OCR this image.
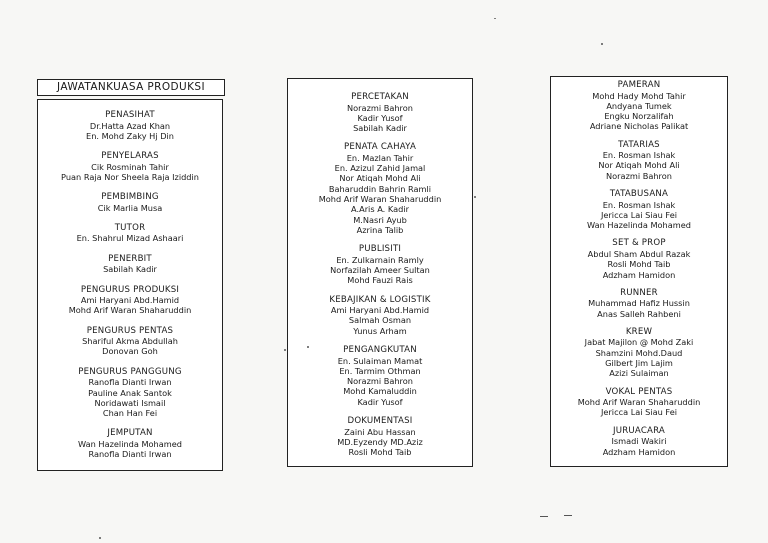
JAWATANKUASA PRODUKSI
PENASIHAT
Dr.Hatta Azad Khan
En. Mohd Zaky Hj Din
PENYELARAS
Cik Rosminah Tahir
Puan Raja Nor Sheela Raja Iziddin
PEMBIMBING
Cik Marlia Musa
TUTOR
En. Shahrul Mizad Ashaari
PENERBIT
Sabilah Kadir
PENGURUS PRODUKSI
Ami Haryani Abd.Hamid
Mohd Arif Waran Shaharuddin
PENGURUS PENTAS
Shariful Akma Abdullah
Donovan Goh
PENGURUS PANGGUNG
Ranofla Dianti Irwan
Pauline Anak Santok
Noridawati Ismail
Chan Han Fei
JEMPUTAN
Wan Hazelinda Mohamed
Ranofla Dianti Irwan
PERCETAKAN
Norazmi Bahron
Kadir Yusof
Sabilah Kadir
PENATA CAHAYA
En. Mazlan Tahir
En. Azizul Zahid Jamal
Nor Atiqah Mohd Ali
Baharuddin Bahrin Ramli
Mohd Arif Waran Shaharuddin
A.Aris A. Kadir
M.Nasri Ayub
Azrina Talib
PUBLISITI
En. Zulkarnain Ramly
Norfazilah Ameer Sultan
Mohd Fauzi Rais
KEBAJIKAN & LOGISTIK
Ami Haryani Abd.Hamid
Salmah Osman
Yunus Arham
PENGANGKUTAN
En. Sulaiman Mamat
En. Tarmim Othman
Norazmi Bahron
Mohd Kamaluddin
Kadir Yusof
DOKUMENTASI
Zaini Abu Hassan
MD.Eyzendy MD.Aziz
Rosli Mohd Taib
PAMERAN
Mohd Hady Mohd Tahir
Andyana Tumek
Engku Norzalifah
Adriane Nicholas Palikat
TATARIAS
En. Rosman Ishak
Nor Atiqah Mohd Ali
Norazmi Bahron
TATABUSANA
En. Rosman Ishak
Jericca Lai Siau Fei
Wan Hazelinda Mohamed
SET & PROP
Abdul Sham Abdul Razak
Rosli Mohd Taib
Adzham Hamidon
RUNNER
Muhammad Hafiz Hussin
Anas Salleh Rahbeni
KREW
Jabat Majilon @ Mohd Zaki
Shamzini Mohd.Daud
Gilbert Jim Lajim
Azizi Sulaiman
VOKAL PENTAS
Mohd Arif Waran Shaharuddin
Jericca Lai Siau Fei
JURUACARA
Ismadi Wakiri
Adzham Hamidon
